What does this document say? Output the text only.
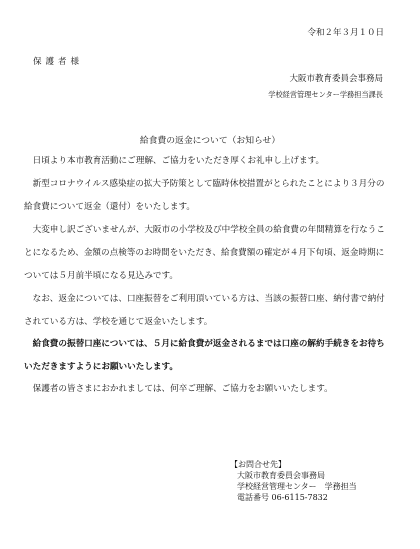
令和２年３月１０日
保護者様
大阪市教育委員会事務局
学校経営管理センター学務担当課長
給食費の返金について（お知らせ）

日頃より本市教育活動にご理解、ご協力をいただき厚くお礼申し上げます。

新型コロナウイルス感染症の拡大予防策として臨時休校措置がとられたことにより３月分の給食費について返金（還付）をいたします。

大変申し訳ございませんが、大阪市の小学校及び中学校全員の給食費の年間精算を行なうことになるため、金額の点検等のお時間をいただき、給食費額の確定が４月下旬頃、返金時期については５月前半頃になる見込みです。

なお、返金については、口座振替をご利用頂いている方は、当該の振替口座、納付書で納付されている方は、学校を通じて返金いたします。

給食費の振替口座については、５月に給食費が返金されるまでは口座の解約手続きをお待ちいただきますようにお願いいたします。

保護者の皆さまにおかれましては、何卒ご理解、ご協力をお願いいたします。

【お問合せ先】
大阪市教育委員会事務局
学校経営管理センター　学務担当
電話番号 06-6115-7832
